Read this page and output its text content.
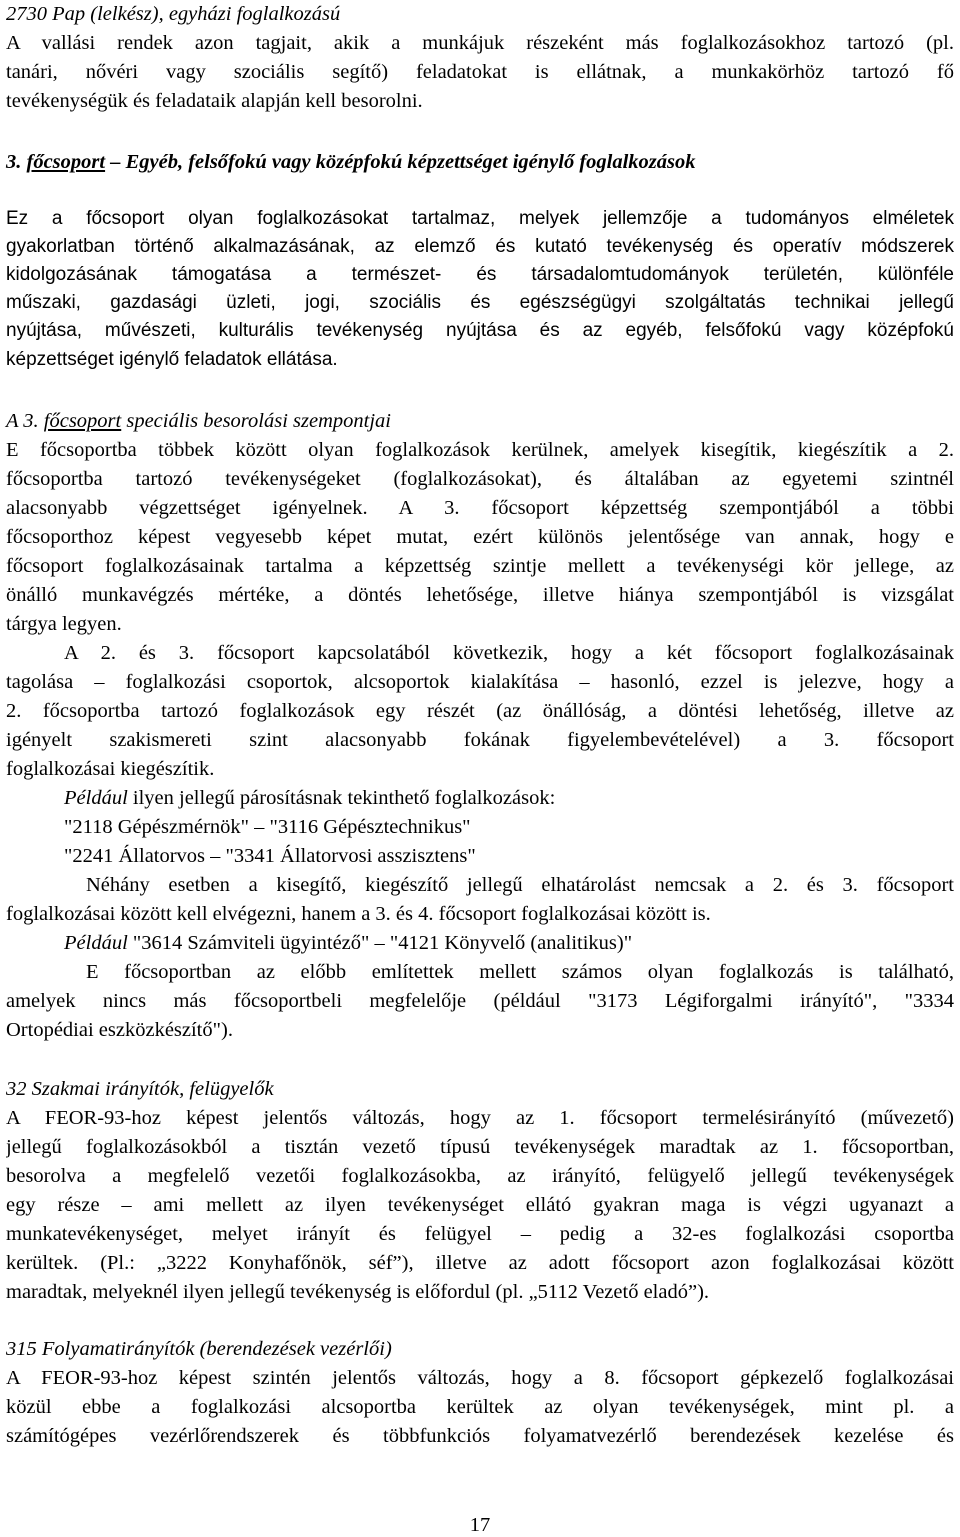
2730 Pap (lelkész), egyházi foglalkozású
A vallási rendek azon tagjait, akik a munkájuk részeként más foglalkozásokhoz tartozó (pl.
tanári, nővéri vagy szociális segítő) feladatokat is ellátnak, a munkakörhöz tartozó fő
tevékenységük és feladataik alapján kell besorolni.
3. főcsoport – Egyéb, felsőfokú vagy középfokú képzettséget igénylő foglalkozások
Ez a főcsoport olyan foglalkozásokat tartalmaz, melyek jellemzője a tudományos elméletek
gyakorlatban történő alkalmazásának, az elemző és kutató tevékenység és operatív módszerek
kidolgozásának támogatása a természet- és társadalomtudományok területén, különféle
műszaki, gazdasági üzleti, jogi, szociális és egészségügyi szolgáltatás technikai jellegű
nyújtása, művészeti, kulturális tevékenység nyújtása és az egyéb, felsőfokú vagy középfokú
képzettséget igénylő feladatok ellátása.
A 3. főcsoport speciális besorolási szempontjai
E főcsoportba többek között olyan foglalkozások kerülnek, amelyek kisegítik, kiegészítik a 2.
főcsoportba tartozó tevékenységeket (foglalkozásokat), és általában az egyetemi szintnél
alacsonyabb végzettséget igényelnek. A 3. főcsoport képzettség szempontjából a többi
főcsoporthoz képest vegyesebb képet mutat, ezért különös jelentősége van annak, hogy e
főcsoport foglalkozásainak tartalma a képzettség szintje mellett a tevékenységi kör jellege, az
önálló munkavégzés mértéke, a döntés lehetősége, illetve hiánya szempontjából is vizsgálat
tárgya legyen.
A 2. és 3. főcsoport kapcsolatából következik, hogy a két főcsoport foglalkozásainak
tagolása – foglalkozási csoportok, alcsoportok kialakítása – hasonló, ezzel is jelezve, hogy a
2. főcsoportba tartozó foglalkozások egy részét (az önállóság, a döntési lehetőség, illetve az
igényelt szakismereti szint alacsonyabb fokának figyelembevételével) a 3. főcsoport
foglalkozásai kiegészítik.
Például ilyen jellegű párosításnak tekinthető foglalkozások:
"2118 Gépészmérnök" – "3116 Gépésztechnikus"
"2241 Állatorvos – "3341 Állatorvosi asszisztens"
Néhány esetben a kisegítő, kiegészítő jellegű elhatárolást nemcsak a 2. és 3. főcsoport
foglalkozásai között kell elvégezni, hanem a 3. és 4. főcsoport foglalkozásai között is.
Például "3614 Számviteli ügyintéző" – "4121 Könyvelő (analitikus)"
E főcsoportban az előbb említettek mellett számos olyan foglalkozás is található,
amelyek nincs más főcsoportbeli megfelelője (például "3173 Légiforgalmi irányító", "3334
Ortopédiai eszközkészítő").
32 Szakmai irányítók, felügyelők
A FEOR-93-hoz képest jelentős változás, hogy az 1. főcsoport termelésirányító (művezető)
jellegű foglalkozásokból a tisztán vezető típusú tevékenységek maradtak az 1. főcsoportban,
besorolva a megfelelő vezetői foglalkozásokba, az irányító, felügyelő jellegű tevékenységek
egy része – ami mellett az ilyen tevékenységet ellátó gyakran maga is végzi ugyanazt a
munkatevékenységet, melyet irányít és felügyel – pedig a 32-es foglalkozási csoportba
kerültek. (Pl.: „3222 Konyhafőnök, séf”), illetve az adott főcsoport azon foglalkozásai között
maradtak, melyeknél ilyen jellegű tevékenység is előfordul (pl. „5112 Vezető eladó”).
315 Folyamatirányítók (berendezések vezérlői)
A FEOR-93-hoz képest szintén jelentős változás, hogy a 8. főcsoport gépkezelő foglalkozásai
közül ebbe a foglalkozási alcsoportba kerültek az olyan tevékenységek, mint pl. a
számítógépes vezérlőrendszerek és többfunkciós folyamatvezérlő berendezések kezelése és
17
